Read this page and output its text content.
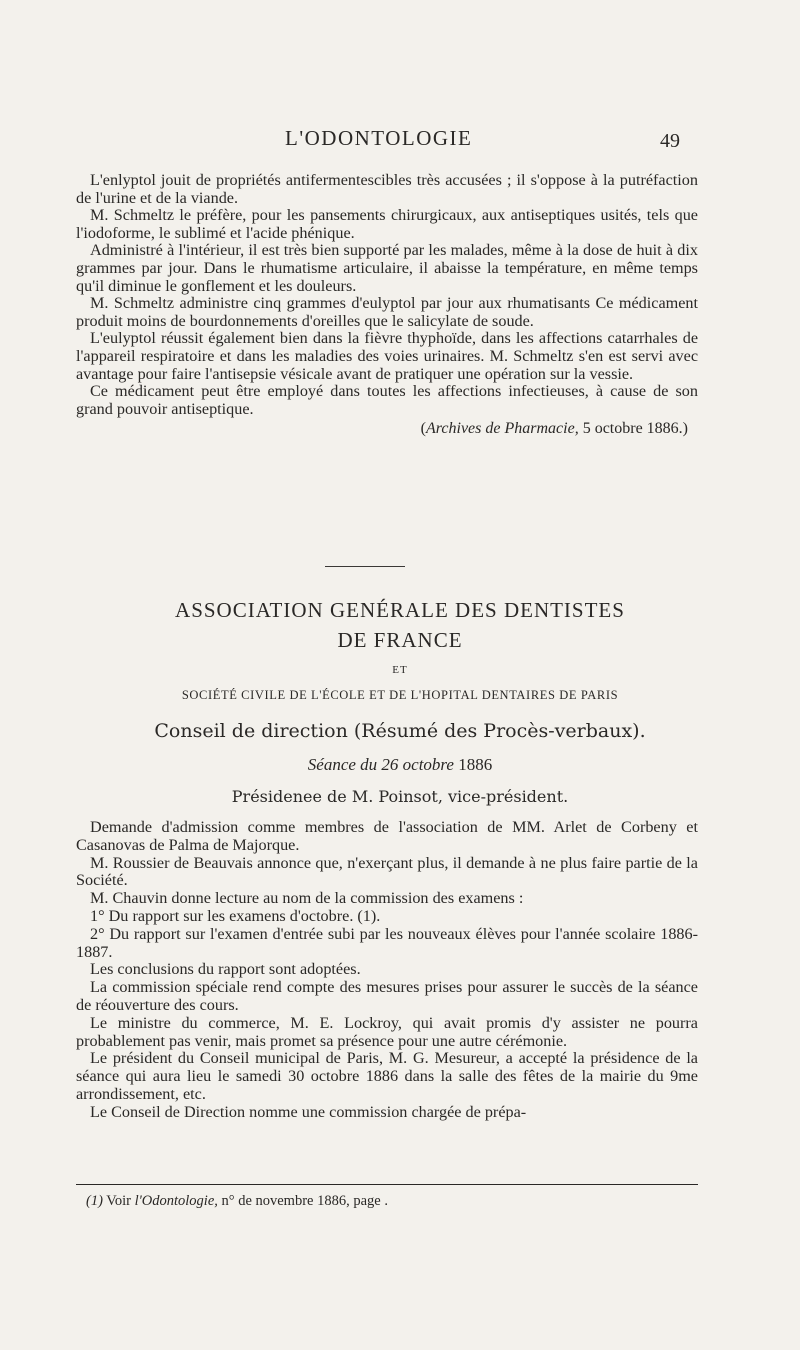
L'ODONTOLOGIE	49

L'enlyptol jouit de propriétés antifermentescibles très accusées ; il s'oppose à la putréfaction de l'urine et de la viande.

M. Schmeltz le préfère, pour les pansements chirurgicaux, aux antiseptiques usités, tels que l'iodoforme, le sublimé et l'acide phénique.

Administré à l'intérieur, il est très bien supporté par les malades, même à la dose de huit à dix grammes par jour. Dans le rhumatisme articulaire, il abaisse la température, en même temps qu'il diminue le gonflement et les douleurs.

M. Schmeltz administre cinq grammes d'eulyptol par jour aux rhumatisants Ce médicament produit moins de bourdonnements d'oreilles que le salicylate de soude.

L'eulyptol réussit également bien dans la fièvre thyphoïde, dans les affections catarrhales de l'appareil respiratoire et dans les maladies des voies urinaires. M. Schmeltz s'en est servi avec avantage pour faire l'antisepsie vésicale avant de pratiquer une opération sur la vessie.

Ce médicament peut être employé dans toutes les affections infectieuses, à cause de son grand pouvoir antiseptique.

(Archives de Pharmacie, 5 octobre 1886.)
ASSOCIATION GENÉRALE DES DENTISTES
DE FRANCE
ET
SOCIÉTÉ CIVILE DE L'ÉCOLE ET DE L'HOPITAL DENTAIRES DE PARIS
Conseil de direction (Résumé des Procès-verbaux).
Séance du 26 octobre 1886
Présidenee de M. Poinsot, vice-président.

Demande d'admission comme membres de l'association de MM. Arlet de Corbeny et Casanovas de Palma de Majorque.

M. Roussier de Beauvais annonce que, n'exerçant plus, il demande à ne plus faire partie de la Société.

M. Chauvin donne lecture au nom de la commission des examens :

1° Du rapport sur les examens d'octobre. (1).

2° Du rapport sur l'examen d'entrée subi par les nouveaux élèves pour l'année scolaire 1886-1887.

Les conclusions du rapport sont adoptées.

La commission spéciale rend compte des mesures prises pour assurer le succès de la séance de réouverture des cours.

Le ministre du commerce, M. E. Lockroy, qui avait promis d'y assister ne pourra probablement pas venir, mais promet sa présence pour une autre cérémonie.

Le président du Conseil municipal de Paris, M. G. Mesureur, a accepté la présidence de la séance qui aura lieu le samedi 30 octobre 1886 dans la salle des fêtes de la mairie du 9me arrondissement, etc.

Le Conseil de Direction nomme une commission chargée de prépa-

(1) Voir l'Odontologie, n° de novembre 1886, page .
